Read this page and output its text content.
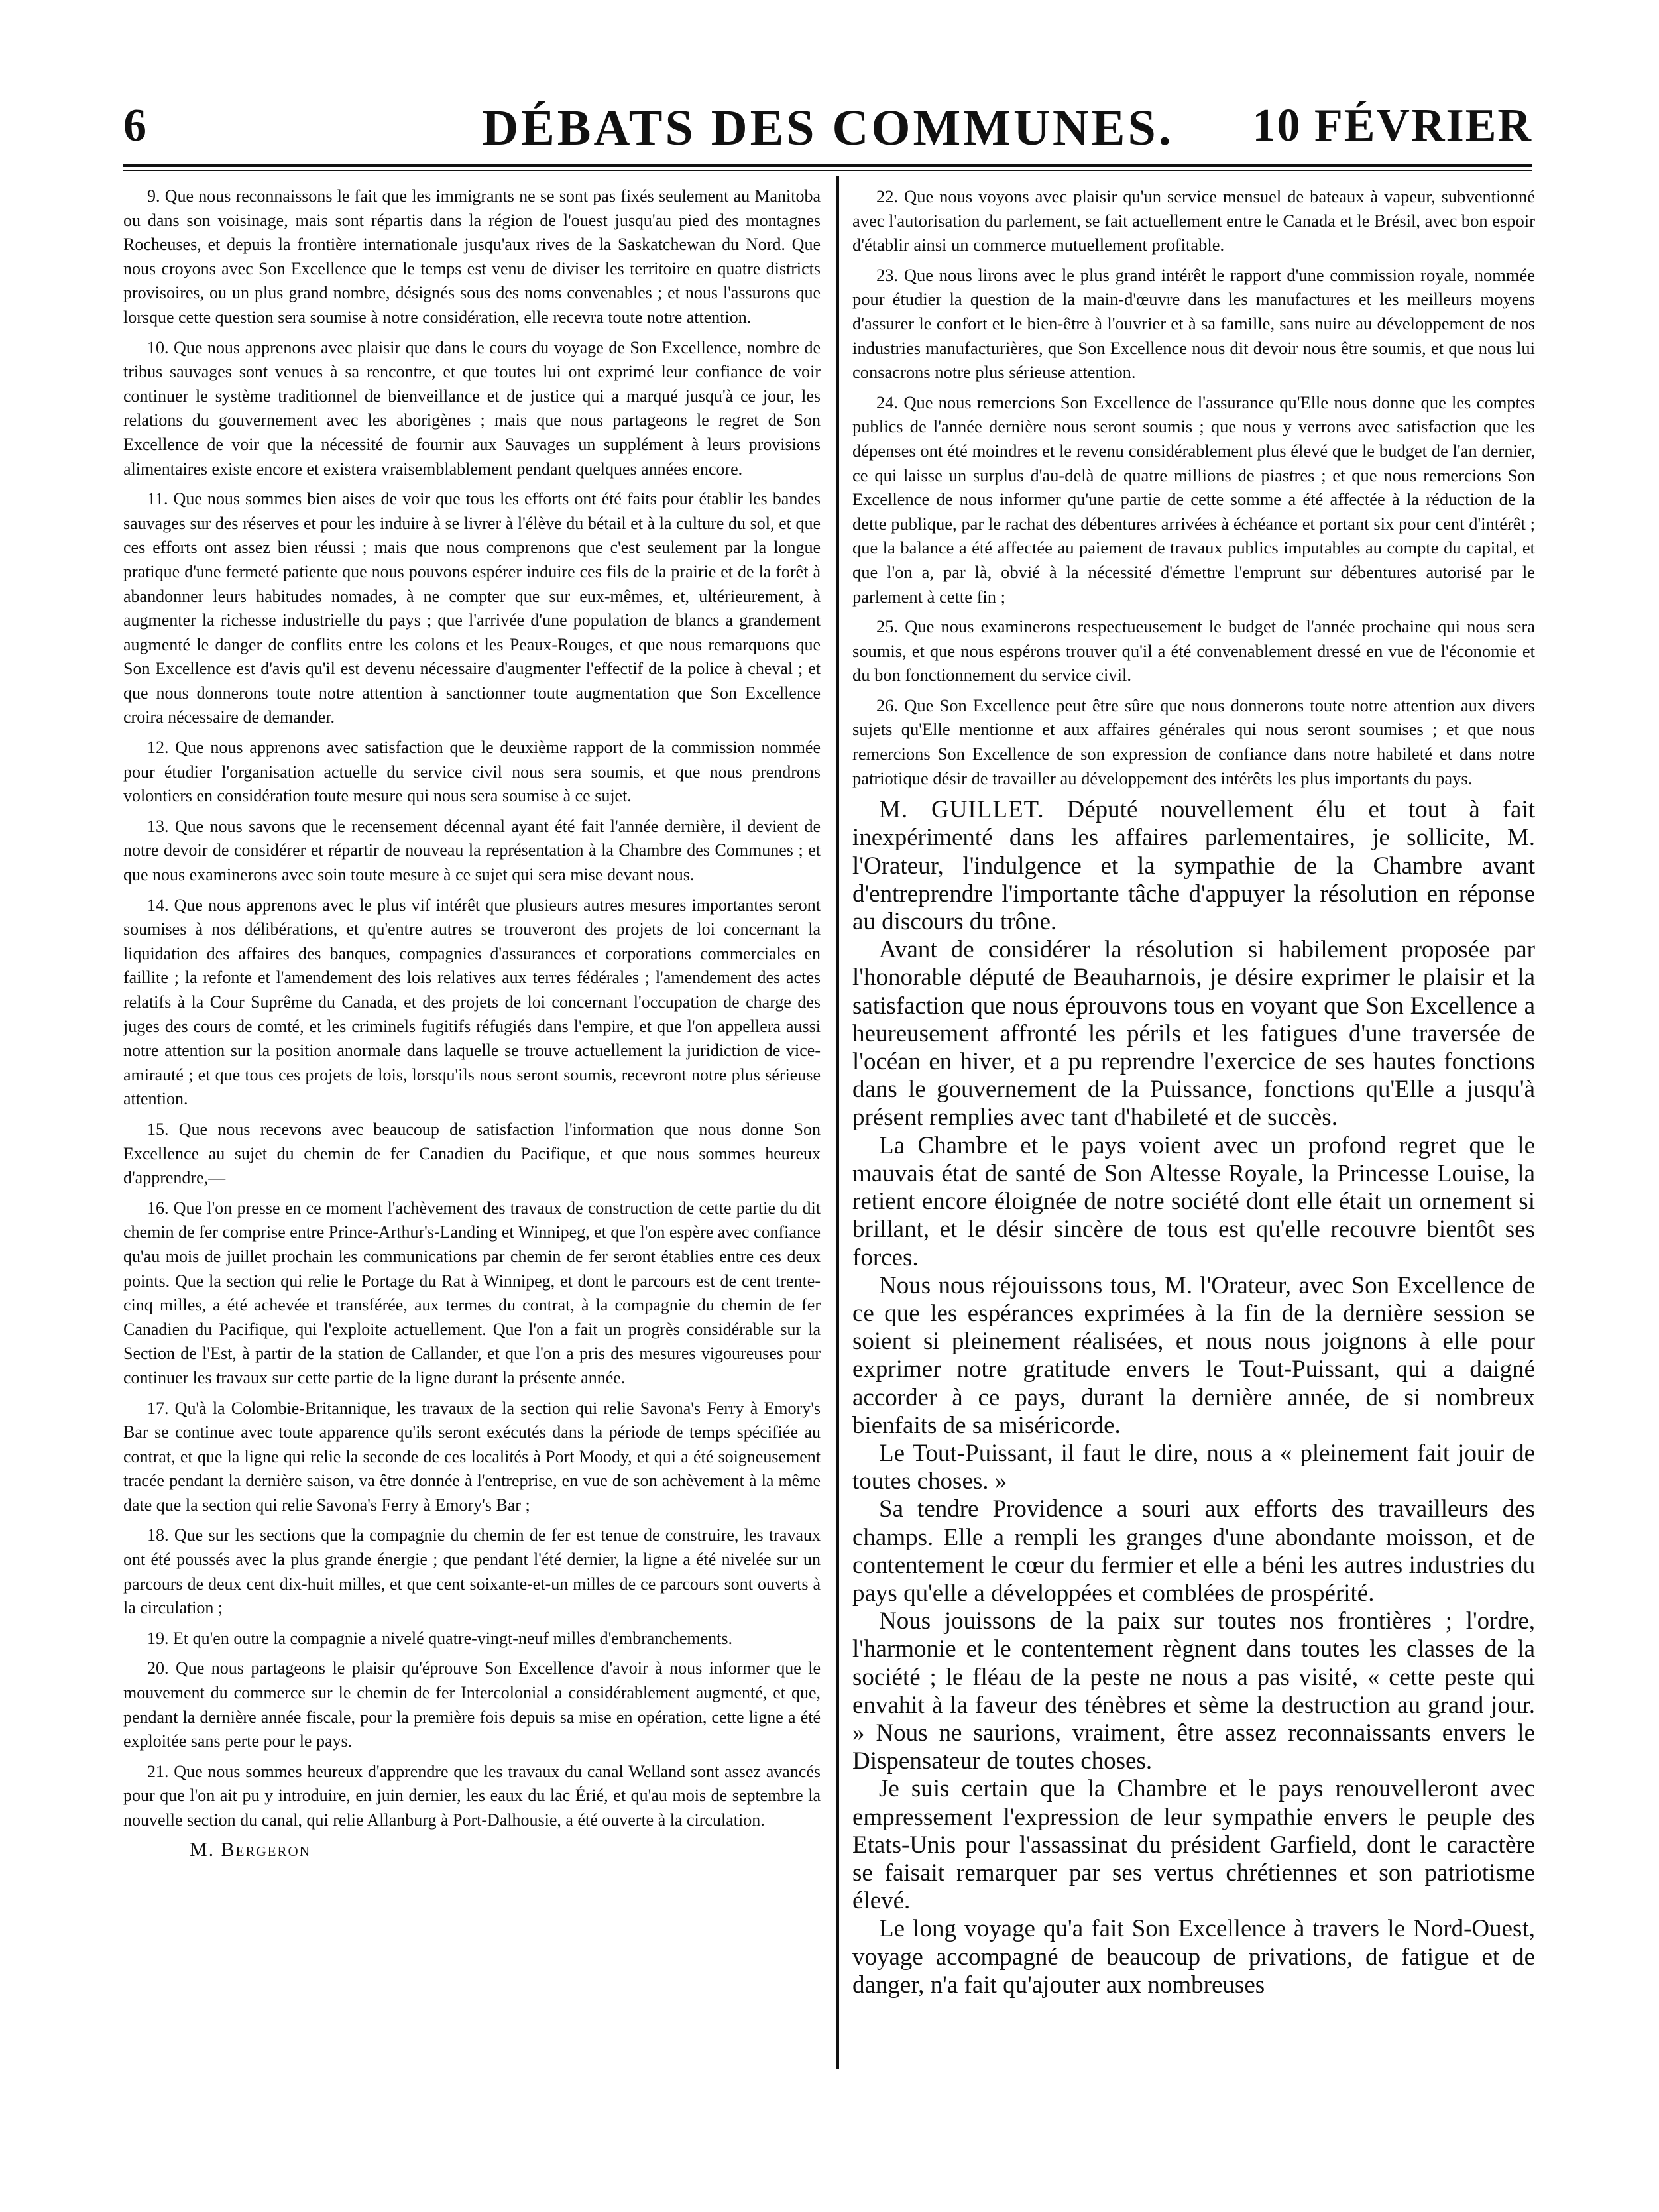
6	DÉBATS DES COMMUNES.	10 FÉVRIER

9. Que nous reconnaissons le fait que les immigrants ne se sont pas fixés seulement au Manitoba ou dans son voisinage, mais sont répartis dans la région de l'ouest jusqu'au pied des montagnes Rocheuses, et depuis la frontière internationale jusqu'aux rives de la Saskatchewan du Nord. Que nous croyons avec Son Excellence que le temps est venu de diviser les territoire en quatre districts provisoires, ou un plus grand nombre, désignés sous des noms convenables ; et nous l'assurons que lorsque cette question sera soumise à notre considération, elle recevra toute notre attention.

10. Que nous apprenons avec plaisir que dans le cours du voyage de Son Excellence, nombre de tribus sauvages sont venues à sa rencontre, et que toutes lui ont exprimé leur confiance de voir continuer le système traditionnel de bienveillance et de justice qui a marqué jusqu'à ce jour, les relations du gouvernement avec les aborigènes ; mais que nous partageons le regret de Son Excellence de voir que la nécessité de fournir aux Sauvages un supplément à leurs provisions alimentaires existe encore et existera vraisemblablement pendant quelques années encore.

11. Que nous sommes bien aises de voir que tous les efforts ont été faits pour établir les bandes sauvages sur des réserves et pour les induire à se livrer à l'élève du bétail et à la culture du sol, et que ces efforts ont assez bien réussi ; mais que nous comprenons que c'est seulement par la longue pratique d'une fermeté patiente que nous pouvons espérer induire ces fils de la prairie et de la forêt à abandonner leurs habitudes nomades, à ne compter que sur eux-mêmes, et, ultérieurement, à augmenter la richesse industrielle du pays ; que l'arrivée d'une population de blancs a grandement augmenté le danger de conflits entre les colons et les Peaux-Rouges, et que nous remarquons que Son Excellence est d'avis qu'il est devenu nécessaire d'augmenter l'effectif de la police à cheval ; et que nous donnerons toute notre attention à sanctionner toute augmentation que Son Excellence croira nécessaire de demander.

12. Que nous apprenons avec satisfaction que le deuxième rapport de la commission nommée pour étudier l'organisation actuelle du service civil nous sera soumis, et que nous prendrons volontiers en considération toute mesure qui nous sera soumise à ce sujet.

13. Que nous savons que le recensement décennal ayant été fait l'année dernière, il devient de notre devoir de considérer et répartir de nouveau la représentation à la Chambre des Communes ; et que nous examinerons avec soin toute mesure à ce sujet qui sera mise devant nous.

14. Que nous apprenons avec le plus vif intérêt que plusieurs autres mesures importantes seront soumises à nos délibérations, et qu'entre autres se trouveront des projets de loi concernant la liquidation des affaires des banques, compagnies d'assurances et corporations commerciales en faillite ; la refonte et l'amendement des lois relatives aux terres fédérales ; l'amendement des actes relatifs à la Cour Suprême du Canada, et des projets de loi concernant l'occupation de charge des juges des cours de comté, et les criminels fugitifs réfugiés dans l'empire, et que l'on appellera aussi notre attention sur la position anormale dans laquelle se trouve actuellement la juridiction de vice-amirauté ; et que tous ces projets de lois, lorsqu'ils nous seront soumis, recevront notre plus sérieuse attention.

15. Que nous recevons avec beaucoup de satisfaction l'information que nous donne Son Excellence au sujet du chemin de fer Canadien du Pacifique, et que nous sommes heureux d'apprendre,—

16. Que l'on presse en ce moment l'achèvement des travaux de construction de cette partie du dit chemin de fer comprise entre Prince-Arthur's-Landing et Winnipeg, et que l'on espère avec confiance qu'au mois de juillet prochain les communications par chemin de fer seront établies entre ces deux points. Que la section qui relie le Portage du Rat à Winnipeg, et dont le parcours est de cent trente-cinq milles, a été achevée et transférée, aux termes du contrat, à la compagnie du chemin de fer Canadien du Pacifique, qui l'exploite actuellement. Que l'on a fait un progrès considérable sur la Section de l'Est, à partir de la station de Callander, et que l'on a pris des mesures vigoureuses pour continuer les travaux sur cette partie de la ligne durant la présente année.

17. Qu'à la Colombie-Britannique, les travaux de la section qui relie Savona's Ferry à Emory's Bar se continue avec toute apparence qu'ils seront exécutés dans la période de temps spécifiée au contrat, et que la ligne qui relie la seconde de ces localités à Port Moody, et qui a été soigneusement tracée pendant la dernière saison, va être donnée à l'entreprise, en vue de son achèvement à la même date que la section qui relie Savona's Ferry à Emory's Bar ;

18. Que sur les sections que la compagnie du chemin de fer est tenue de construire, les travaux ont été poussés avec la plus grande énergie ; que pendant l'été dernier, la ligne a été nivelée sur un parcours de deux cent dix-huit milles, et que cent soixante-et-un milles de ce parcours sont ouverts à la circulation ;

19. Et qu'en outre la compagnie a nivelé quatre-vingt-neuf milles d'embranchements.

20. Que nous partageons le plaisir qu'éprouve Son Excellence d'avoir à nous informer que le mouvement du commerce sur le chemin de fer Intercolonial a considérablement augmenté, et que, pendant la dernière année fiscale, pour la première fois depuis sa mise en opération, cette ligne a été exploitée sans perte pour le pays.

21. Que nous sommes heureux d'apprendre que les travaux du canal Welland sont assez avancés pour que l'on ait pu y introduire, en juin dernier, les eaux du lac Érié, et qu'au mois de septembre la nouvelle section du canal, qui relie Allanburg à Port-Dalhousie, a été ouverte à la circulation.

M. Bergeron

22. Que nous voyons avec plaisir qu'un service mensuel de bateaux à vapeur, subventionné avec l'autorisation du parlement, se fait actuellement entre le Canada et le Brésil, avec bon espoir d'établir ainsi un commerce mutuellement profitable.

23. Que nous lirons avec le plus grand intérêt le rapport d'une commission royale, nommée pour étudier la question de la main-d'œuvre dans les manufactures et les meilleurs moyens d'assurer le confort et le bien-être à l'ouvrier et à sa famille, sans nuire au développement de nos industries manufacturières, que Son Excellence nous dit devoir nous être soumis, et que nous lui consacrons notre plus sérieuse attention.

24. Que nous remercions Son Excellence de l'assurance qu'Elle nous donne que les comptes publics de l'année dernière nous seront soumis ; que nous y verrons avec satisfaction que les dépenses ont été moindres et le revenu considérablement plus élevé que le budget de l'an dernier, ce qui laisse un surplus d'au-delà de quatre millions de piastres ; et que nous remercions Son Excellence de nous informer qu'une partie de cette somme a été affectée à la réduction de la dette publique, par le rachat des débentures arrivées à échéance et portant six pour cent d'intérêt ; que la balance a été affectée au paiement de travaux publics imputables au compte du capital, et que l'on a, par là, obvié à la nécessité d'émettre l'emprunt sur débentures autorisé par le parlement à cette fin ;

25. Que nous examinerons respectueusement le budget de l'année prochaine qui nous sera soumis, et que nous espérons trouver qu'il a été convenablement dressé en vue de l'économie et du bon fonctionnement du service civil.

26. Que Son Excellence peut être sûre que nous donnerons toute notre attention aux divers sujets qu'Elle mentionne et aux affaires générales qui nous seront soumises ; et que nous remercions Son Excellence de son expression de confiance dans notre habileté et dans notre patriotique désir de travailler au développement des intérêts les plus importants du pays.

M. GUILLET. Député nouvellement élu et tout à fait inexpérimenté dans les affaires parlementaires, je sollicite, M. l'Orateur, l'indulgence et la sympathie de la Chambre avant d'entreprendre l'importante tâche d'appuyer la résolution en réponse au discours du trône.

Avant de considérer la résolution si habilement proposée par l'honorable député de Beauharnois, je désire exprimer le plaisir et la satisfaction que nous éprouvons tous en voyant que Son Excellence a heureusement affronté les périls et les fatigues d'une traversée de l'océan en hiver, et a pu reprendre l'exercice de ses hautes fonctions dans le gouvernement de la Puissance, fonctions qu'Elle a jusqu'à présent remplies avec tant d'habileté et de succès.

La Chambre et le pays voient avec un profond regret que le mauvais état de santé de Son Altesse Royale, la Princesse Louise, la retient encore éloignée de notre société dont elle était un ornement si brillant, et le désir sincère de tous est qu'elle recouvre bientôt ses forces.

Nous nous réjouissons tous, M. l'Orateur, avec Son Excellence de ce que les espérances exprimées à la fin de la dernière session se soient si pleinement réalisées, et nous nous joignons à elle pour exprimer notre gratitude envers le Tout-Puissant, qui a daigné accorder à ce pays, durant la dernière année, de si nombreux bienfaits de sa miséricorde.

Le Tout-Puissant, il faut le dire, nous a « pleinement fait jouir de toutes choses. »

Sa tendre Providence a souri aux efforts des travailleurs des champs. Elle a rempli les granges d'une abondante moisson, et de contentement le cœur du fermier et elle a béni les autres industries du pays qu'elle a développées et comblées de prospérité.

Nous jouissons de la paix sur toutes nos frontières ; l'ordre, l'harmonie et le contentement règnent dans toutes les classes de la société ; le fléau de la peste ne nous a pas visité, « cette peste qui envahit à la faveur des ténèbres et sème la destruction au grand jour. » Nous ne saurions, vraiment, être assez reconnaissants envers le Dispensateur de toutes choses.

Je suis certain que la Chambre et le pays renouvelleront avec empressement l'expression de leur sympathie envers le peuple des Etats-Unis pour l'assassinat du président Garfield, dont le caractère se faisait remarquer par ses vertus chrétiennes et son patriotisme élevé.

Le long voyage qu'a fait Son Excellence à travers le Nord-Ouest, voyage accompagné de beaucoup de privations, de fatigue et de danger, n'a fait qu'ajouter aux nombreuses
